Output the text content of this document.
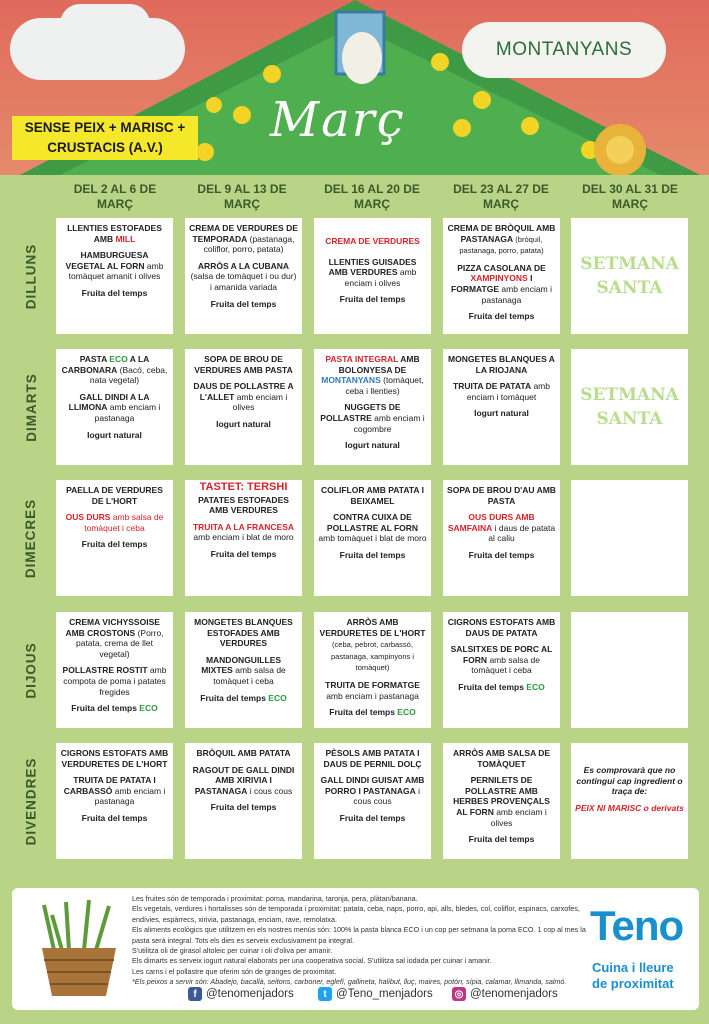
MONTANYANS
Març
SENSE PEIX + MARISC + CRUSTACIS (A.V.)
DEL 2 AL 6 DE MARÇ
DEL 9 AL 13 DE MARÇ
DEL 16 AL 20 DE MARÇ
DEL 23 AL 27 DE MARÇ
DEL 30 AL 31 DE MARÇ
DILLUNS
DIMARTS
DIMECRES
DIJOUS
DIVENDRES

LLENTIES ESTOFADES AMB MILL

HAMBURGUESA VEGETAL AL FORN amb tomàquet amanit i olives

Fruita del temps

CREMA DE VERDURES DE TEMPORADA (pastanaga, coliflor, porro, patata)

ARRÒS A LA CUBANA (salsa de tomàquet i ou dur) i amanida variada

Fruita del temps

CREMA DE VERDURES

LLENTIES GUISADES AMB VERDURES amb enciam i olives

Fruita del temps

CREMA DE BRÒQUIL AMB PASTANAGA (bròquil, pastanaga, porro, patata)

PIZZA CASOLANA DE XAMPINYONS I FORMATGE amb enciam i pastanaga

Fruita del temps

SETMANA
SANTA

PASTA ECO A LA CARBONARA (Bacó, ceba, nata vegetal)

GALL DINDI A LA LLIMONA amb enciam i pastanaga

Iogurt natural

SOPA DE BROU DE VERDURES AMB PASTA

DAUS DE POLLASTRE A L'ALLET amb enciam i olives

Iogurt natural

PASTA INTEGRAL AMB BOLONYESA DE MONTANYANS (tomàquet, ceba i llenties)

NUGGETS DE POLLASTRE amb enciam i cogombre

Iogurt natural

MONGETES BLANQUES A LA RIOJANA

TRUITA DE PATATA amb enciam i tomàquet

Iogurt natural

SETMANA
SANTA

PAELLA DE VERDURES DE L'HORT

OUS DURS amb salsa de tomàquet i ceba

Fruita del temps

TASTET: TERSHI

PATATES ESTOFADES AMB VERDURES

TRUITA A LA FRANCESA
amb enciam i blat de moro

Fruita del temps

COLIFLOR AMB PATATA I BEIXAMEL

CONTRA CUIXA DE POLLASTRE AL FORN amb tomàquet i blat de moro

Fruita del temps

SOPA DE BROU D'AU AMB PASTA

OUS DURS AMB SAMFAINA i daus de patata al caliu

Fruita del temps

CREMA VICHYSSOISE AMB CROSTONS (Porro, patata, crema de llet vegetal)

POLLASTRE ROSTIT amb compota de poma i patates fregides

Fruita del temps ECO

MONGETES BLANQUES ESTOFADES AMB VERDURES

MANDONGUILLES MIXTES amb salsa de tomàquet i ceba

Fruita del temps ECO

ARRÒS AMB VERDURETES DE L'HORT (ceba, pebrot, carbassó, pastanaga, xampinyons i tomàquet)

TRUITA DE FORMATGE amb enciam i pastanaga

Fruita del temps ECO

CIGRONS ESTOFATS AMB DAUS DE PATATA

SALSITXES DE PORC AL FORN amb salsa de tomàquet i ceba

Fruita del temps ECO

CIGRONS ESTOFATS AMB VERDURETES DE L'HORT

TRUITA DE PATATA I CARBASSÓ amb enciam i pastanaga

Fruita del temps

BRÒQUIL AMB PATATA

RAGOUT DE GALL DINDI AMB XIRIVIA I PASTANAGA i cous cous

Fruita del temps

PÈSOLS AMB PATATA I DAUS DE PERNIL DOLÇ

GALL DINDI GUISAT AMB PORRO I PASTANAGA i cous cous

Fruita del temps

ARRÒS AMB SALSA DE TOMÀQUET

PERNILETS DE POLLASTRE AMB HERBES PROVENÇALS AL FORN amb enciam i olives

Fruita del temps

Es comprovarà que no contingui cap ingredient o traça de:

PEIX NI MARISC o derivats

Les fruites són de temporada i proximitat: poma, mandarina, taronja, pera, plàtan/banana.

Els vegetals, verdures i hortalisses són de temporada i proximitat: patata, ceba, naps, porro, api, alls, bledes, col, coliflor, espinacs, carxofes, endívies, espàrrecs, xirivia, pastanaga, enciam, rave, remolatxa.

Els aliments ecològics que utilitzem en els nostres menús són: 100% la pasta blanca ECO i un cop per setmana la poma ECO. 1 cop al mes la pasta serà integral. Tots els dies es serveix exclusivament pa integral.

S'utilitza oli de girasol altoleic per cuinar i oli d'oliva per amanir.

Els dimarts es serveix iogurt natural elaborats per una cooperativa social. S'utilitza sal iodada per cuinar i amanir.

Les carns i el pollastre que oferim són de granges de proximitat.

*Els peixos a servir són: Abadejo, bacallà, seitons, carboner, eglefí, gallineta, halibut, lluç, maires, potón, sípia, calamar, llimanda, salmó.

Teno
Cuina i lleure
de proximitat
f @tenomenjadors	t @Teno_menjadors ◎ @tenomenjadors
